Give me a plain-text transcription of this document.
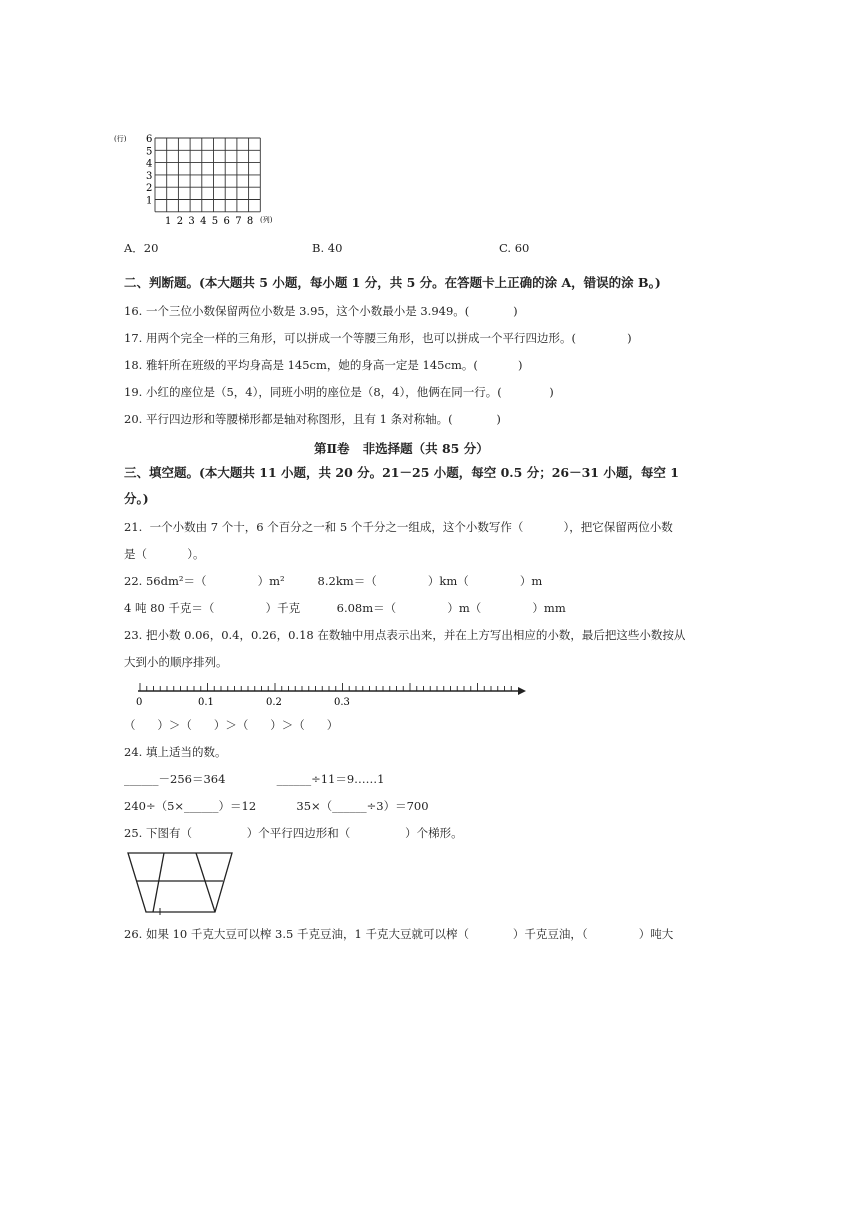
(行) 6
5
4
3
2
1
1 2 3 4 5 6 7 8 (列)
A．20	B. 40	C. 60
二、判断题。(本大题共 5 小题，每小题 1 分，共 5 分。在答题卡上正确的涂 A，错误的涂 B。)
16. 一个三位小数保留两位小数是 3.95，这个小数最小是 3.949。(            )
17. 用两个完全一样的三角形，可以拼成一个等腰三角形，也可以拼成一个平行四边形。(              )
18. 雅轩所在班级的平均身高是 145cm，她的身高一定是 145cm。(           )
19. 小红的座位是（5，4），同班小明的座位是（8，4），他俩在同一行。(             )
20. 平行四边形和等腰梯形都是轴对称图形，且有 1 条对称轴。(            )
第Ⅱ卷   非选择题（共 85 分）
三、填空题。(本大题共 11 小题，共 20 分。21－25 小题，每空 0.5 分；26－31 小题，每空 1
分。)
21.  一个小数由 7 个十，6 个百分之一和 5 个千分之一组成，这个小数写作（           ），把它保留两位小数
是（           ）。
22. 56dm²＝（              ）m²         8.2km＝（              ）km（              ）m
4 吨 80 千克＝（              ）千克          6.08m＝（              ）m（              ）mm
23. 把小数 0.06，0.4，0.26，0.18 在数轴中用点表示出来，并在上方写出相应的小数，最后把这些小数按从
大到小的顺序排列。
0	0.1	0.2	0.3
（      ）＞（      ）＞（      ）＞（      ）
24. 填上适当的数。
______－256＝364              ______÷11＝9……1
240÷（5×______）＝12           35×（______÷3）＝700
25. 下图有（               ）个平行四边形和（               ）个梯形。
26. 如果 10 千克大豆可以榨 3.5 千克豆油，1 千克大豆就可以榨（            ）千克豆油，（              ）吨大
